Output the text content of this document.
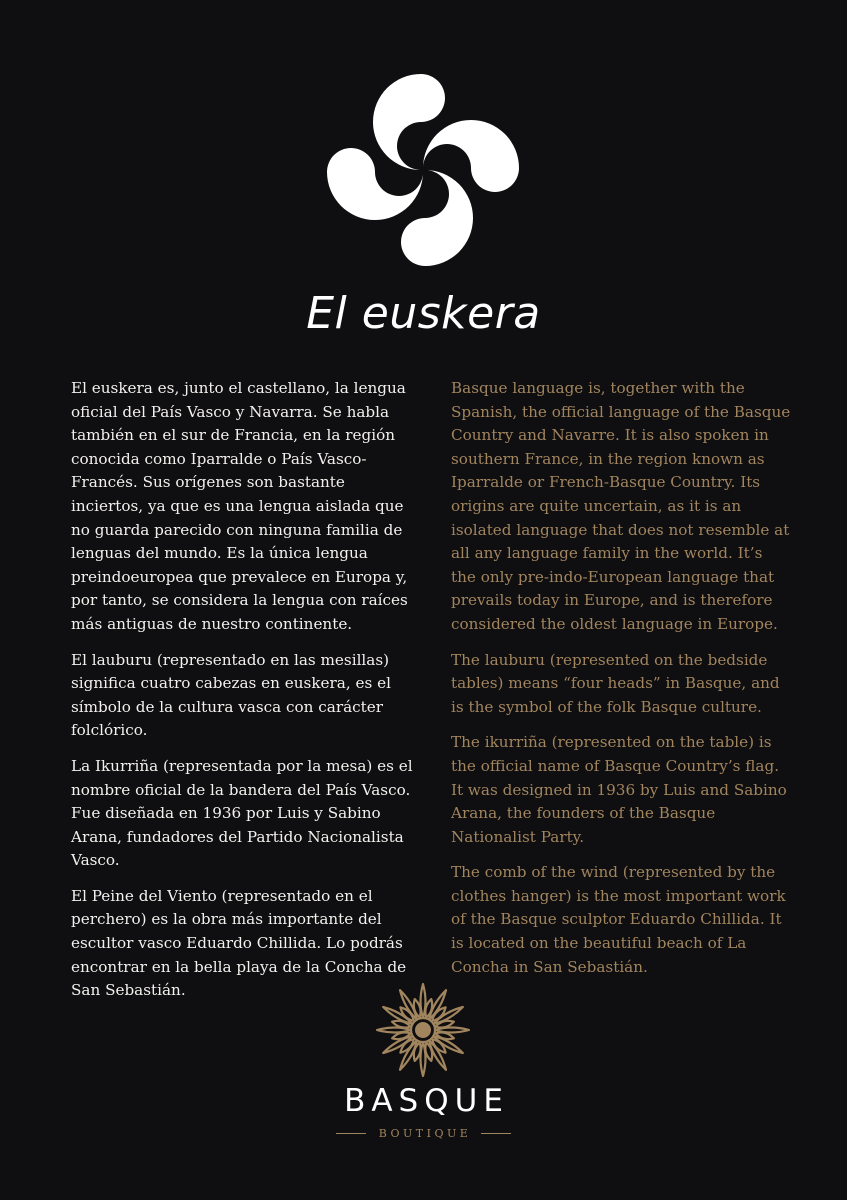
El euskera

El euskera es, junto el castellano, la lengua oficial del País Vasco y Navarra. Se habla también en el sur de Francia, en la región conocida como Iparralde o País Vasco-Francés. Sus orígenes son bastante inciertos, ya que es una lengua aislada que no guarda parecido con ninguna familia de lenguas del mundo. Es la única lengua preindoeuropea que prevalece en Europa y, por tanto, se considera la lengua con raíces más antiguas de nuestro continente.

El lauburu (representado en las mesillas) significa cuatro cabezas en euskera, es el símbolo de la cultura vasca con carácter folclórico.

La Ikurriña (representada por la mesa) es el nombre oficial de la bandera del País Vasco. Fue diseñada en 1936 por Luis y Sabino Arana, fundadores del Partido Nacionalista Vasco.

El Peine del Viento (representado en el perchero) es la obra más importante del escultor vasco Eduardo Chillida. Lo podrás encontrar en la bella playa de la Concha de San Sebastián.

Basque language is, together with the Spanish, the official language of the Basque Country and Navarre. It is also spoken in southern France, in the region known as Iparralde or French-Basque Country. Its origins are quite uncertain, as it is an isolated language that does not resemble at all any language family in the world. It’s the only pre-indo-European language that prevails today in Europe, and is therefore considered the oldest language in Europe.

The lauburu (represented on the bedside tables) means “four heads” in Basque, and is the symbol of the folk Basque culture.

The ikurriña (represented on the table) is the official name of Basque Country’s flag. It was designed in 1936 by Luis and Sabino Arana, the founders of the Basque Nationalist Party.

The comb of the wind (represented by the clothes hanger) is the most important work of the Basque sculptor Eduardo Chillida. It is located on the beautiful beach of La Concha in San Sebastián.

BASQUE
BOUTIQUE
